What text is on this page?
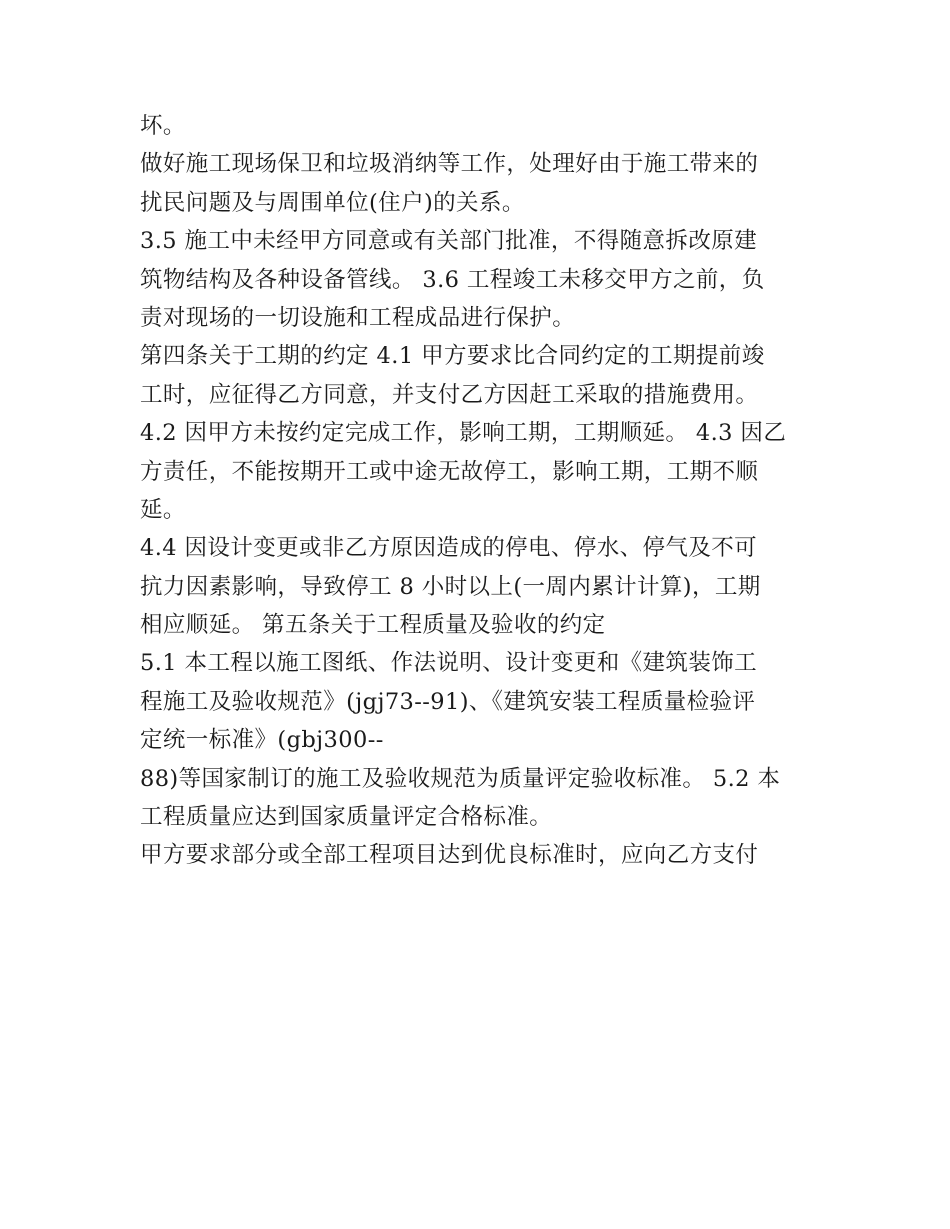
坏。
做好施工现场保卫和垃圾消纳等工作，处理好由于施工带来的
扰民问题及与周围单位(住户)的关系。
3.5 施工中未经甲方同意或有关部门批准，不得随意拆改原建
筑物结构及各种设备管线。 3.6 工程竣工未移交甲方之前，负
责对现场的一切设施和工程成品进行保护。
第四条关于工期的约定 4.1 甲方要求比合同约定的工期提前竣
工时，应征得乙方同意，并支付乙方因赶工采取的措施费用。
4.2 因甲方未按约定完成工作，影响工期，工期顺延。 4.3 因乙
方责任，不能按期开工或中途无故停工，影响工期，工期不顺
延。
4.4 因设计变更或非乙方原因造成的停电、停水、停气及不可
抗力因素影响，导致停工 8 小时以上(一周内累计计算)，工期
相应顺延。 第五条关于工程质量及验收的约定
5.1 本工程以施工图纸、作法说明、设计变更和《建筑装饰工
程施工及验收规范》(jgj73--91)、《建筑安装工程质量检验评
定统一标准》(gbj300--
88)等国家制订的施工及验收规范为质量评定验收标准。 5.2 本
工程质量应达到国家质量评定合格标准。
甲方要求部分或全部工程项目达到优良标准时，应向乙方支付
